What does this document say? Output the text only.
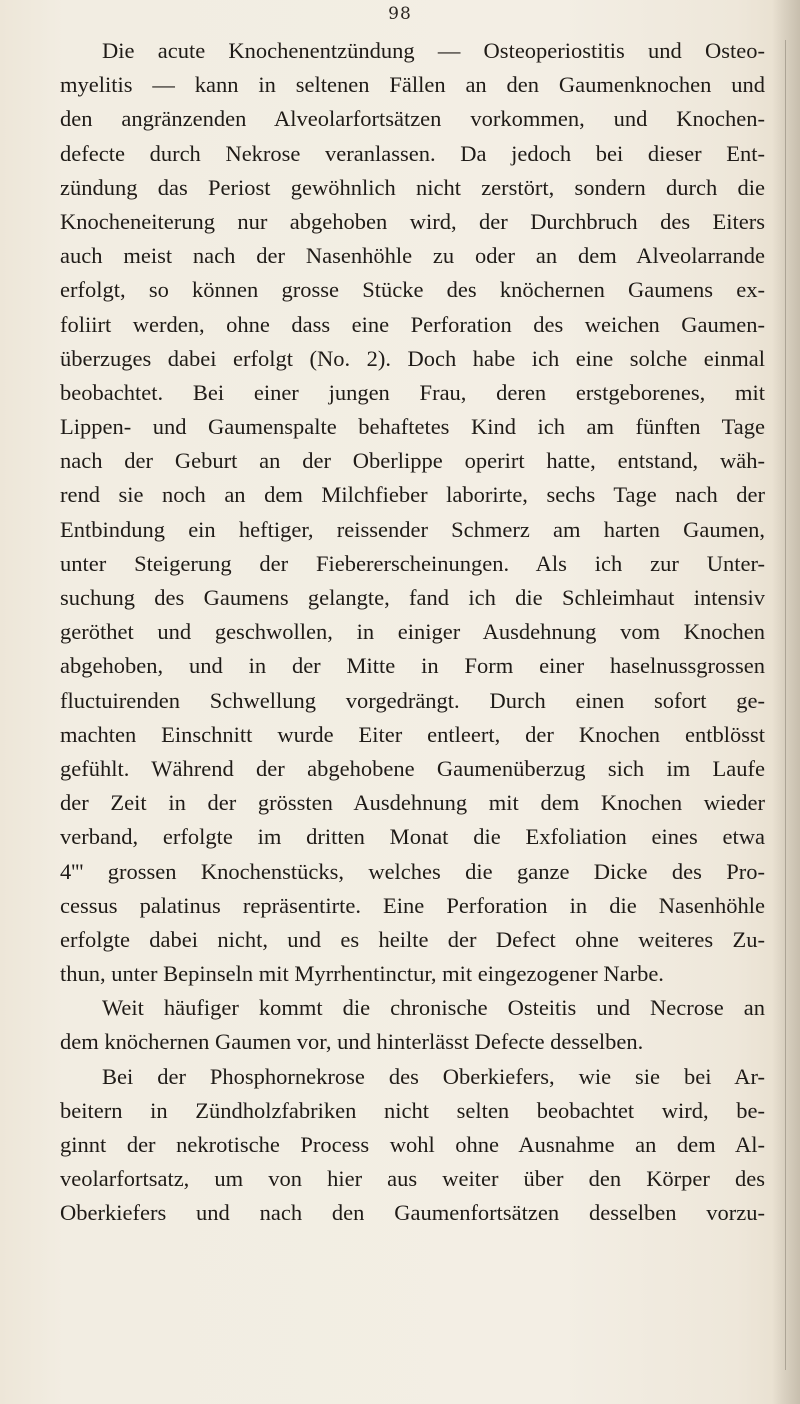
98
Die acute Knochenentzündung — Osteoperiostitis und Osteo-
myelitis — kann in seltenen Fällen an den Gaumenknochen und
den angränzenden Alveolarfortsätzen vorkommen, und Knochen-
defecte durch Nekrose veranlassen. Da jedoch bei dieser Ent-
zündung das Periost gewöhnlich nicht zerstört, sondern durch die
Knocheneiterung nur abgehoben wird, der Durchbruch des Eiters
auch meist nach der Nasenhöhle zu oder an dem Alveolarrande
erfolgt, so können grosse Stücke des knöchernen Gaumens ex-
foliirt werden, ohne dass eine Perforation des weichen Gaumen-
überzuges dabei erfolgt (No. 2). Doch habe ich eine solche einmal
beobachtet. Bei einer jungen Frau, deren erstgeborenes, mit
Lippen- und Gaumenspalte behaftetes Kind ich am fünften Tage
nach der Geburt an der Oberlippe operirt hatte, entstand, wäh-
rend sie noch an dem Milchfieber laborirte, sechs Tage nach der
Entbindung ein heftiger, reissender Schmerz am harten Gaumen,
unter Steigerung der Fiebererscheinungen. Als ich zur Unter-
suchung des Gaumens gelangte, fand ich die Schleimhaut intensiv
geröthet und geschwollen, in einiger Ausdehnung vom Knochen
abgehoben, und in der Mitte in Form einer haselnussgrossen
fluctuirenden Schwellung vorgedrängt. Durch einen sofort ge-
machten Einschnitt wurde Eiter entleert, der Knochen entblösst
gefühlt. Während der abgehobene Gaumenüberzug sich im Laufe
der Zeit in der grössten Ausdehnung mit dem Knochen wieder
verband, erfolgte im dritten Monat die Exfoliation eines etwa
4''' grossen Knochenstücks, welches die ganze Dicke des Pro-
cessus palatinus repräsentirte. Eine Perforation in die Nasenhöhle
erfolgte dabei nicht, und es heilte der Defect ohne weiteres Zu-
thun, unter Bepinseln mit Myrrhentinctur, mit eingezogener Narbe.
Weit häufiger kommt die chronische Osteitis und Necrose an
dem knöchernen Gaumen vor, und hinterlässt Defecte desselben.
Bei der Phosphornekrose des Oberkiefers, wie sie bei Ar-
beitern in Zündholzfabriken nicht selten beobachtet wird, be-
ginnt der nekrotische Process wohl ohne Ausnahme an dem Al-
veolarfortsatz, um von hier aus weiter über den Körper des
Oberkiefers und nach den Gaumenfortsätzen desselben vorzu-
